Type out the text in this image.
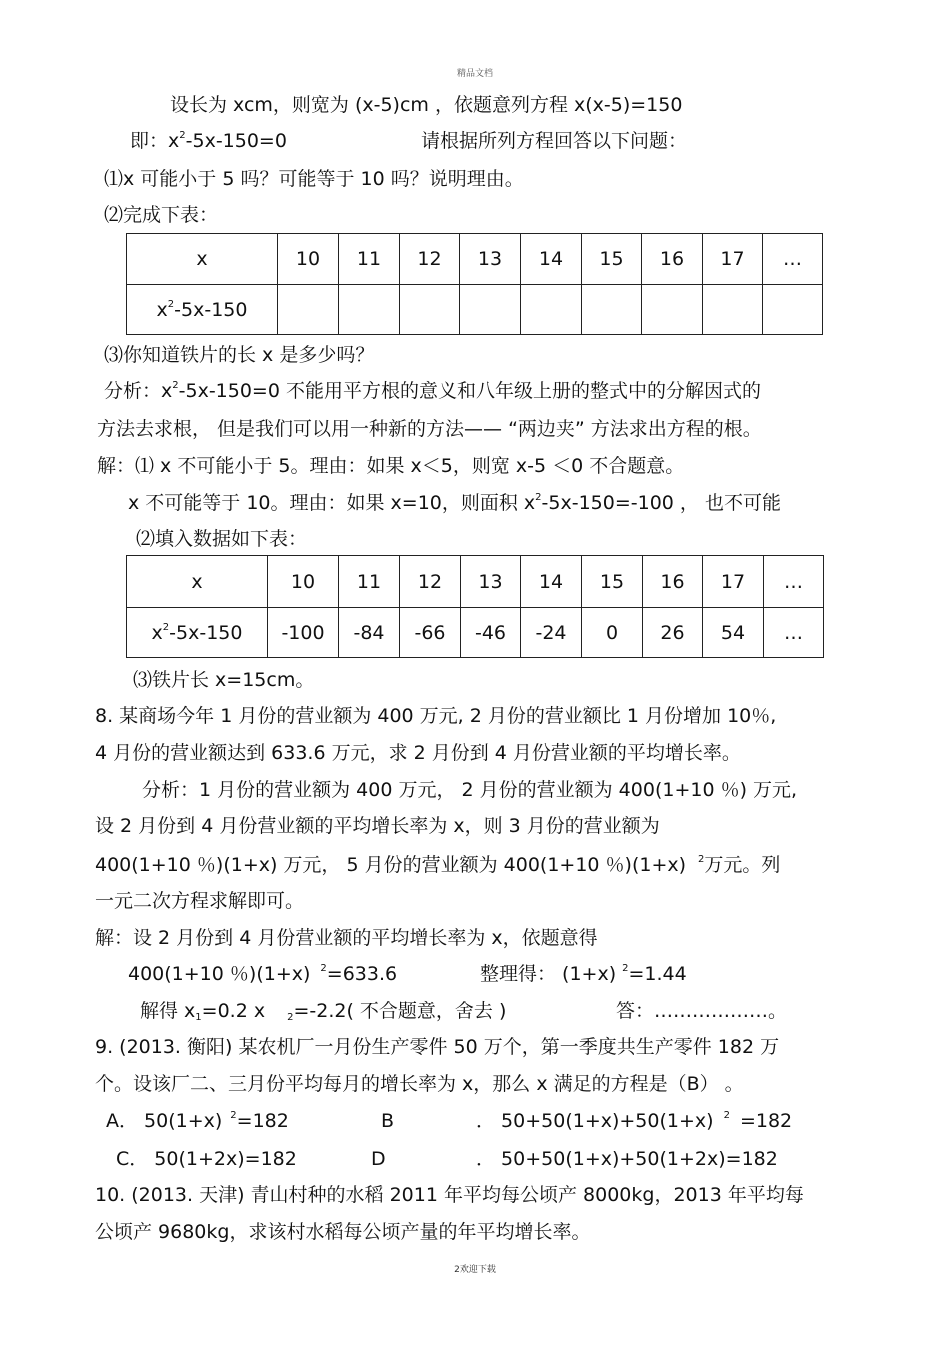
精品文档
设长为 xcm，则宽为 (x-5)cm ，依题意列方程 x(x-5)=150
即：$x^2-5x-150=0$	请根据所列方程回答以下问题：
⑴x 可能小于 5 吗？可能等于 10 吗？说明理由。
⑵完成下表：
x	10	11	12	13	14	15	16	17	…
$x^2-5x-150$									
⑶你知道铁片的长 x 是多少吗？
分析：$x^2-5x-150=0$ 不能用平方根的意义和八年级上册的整式中的分解因式的
方法去求根， 但是我们可以用一种新的方法—— “两边夹” 方法求出方程的根。
解：⑴ x 不可能小于 5。理由：如果 x＜5，则宽 x-5 ＜0 不合题意。
x 不可能等于 10。理由：如果 x=10，则面积 $x^2-5x-150=-100$ ， 也不可能
⑵填入数据如下表：
x	10	11	12	13	14	15	16	17	…
$x^2-5x-150$	-100	-84	-66	-46	-24	0	26	54	…
⑶铁片长 x=15cm。
8. 某商场今年 1 月份的营业额为 400 万元, 2 月份的营业额比 1 月份增加 10％,
4 月份的营业额达到 633.6 万元，求 2 月份到 4 月份营业额的平均增长率。
分析：1 月份的营业额为 400 万元， 2 月份的营业额为 400(1+10 ％) 万元,
设 2 月份到 4 月份营业额的平均增长率为 x，则 3 月份的营业额为
400(1+10 ％)(1+x) 万元， 5 月份的营业额为 400(1+10 ％)(1+x) $^2$万元。列
一元二次方程求解即可。
解：设 2 月份到 4 月份营业额的平均增长率为 x，依题意得
400(1+10 ％)(1+x) $^2$=633.6	整理得： (1+x) $^2$=1.44
解得 $x_1=0.2$ x $_2$=-2.2( 不合题意，舍去 )	答：………………。
9. (2013. 衡阳) 某农机厂一月份生产零件 50 万个，第一季度共生产零件 182 万
个。设该厂二、三月份平均每月的增长率为 x，那么 x 满足的方程是（B） 。
A． 50(1+x) $^2$=182	B	． 50+50(1+x)+50(1+x) $^2$ =182
C． 50(1+2x)=182	D	． 50+50(1+x)+50(1+2x)=182
10. (2013. 天津) 青山村种的水稻 2011 年平均每公顷产 8000kg，2013 年平均每
公顷产 9680kg，求该村水稻每公顷产量的年平均增长率。
2欢迎下载
